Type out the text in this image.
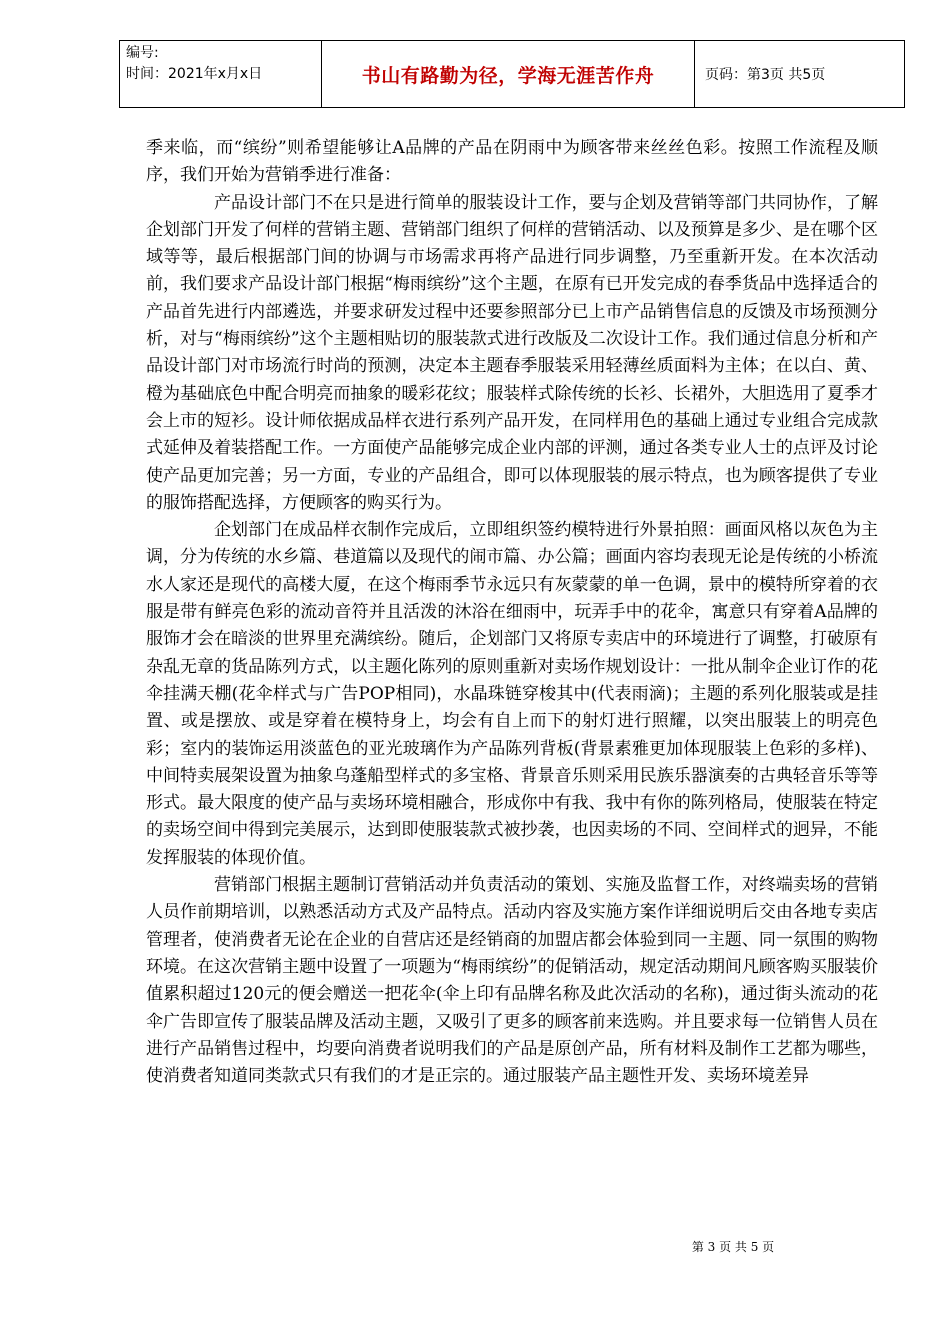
编号:
时间：2021年x月x日	书山有路勤为径，学海无涯苦作舟	页码：第3页 共5页

季来临，而“缤纷”则希望能够让A品牌的产品在阴雨中为顾客带来丝丝色彩。按照工作流程及顺序，我们开始为营销季进行准备：

产品设计部门不在只是进行简单的服装设计工作，要与企划及营销等部门共同协作，了解企划部门开发了何样的营销主题、营销部门组织了何样的营销活动、以及预算是多少、是在哪个区域等等，最后根据部门间的协调与市场需求再将产品进行同步调整，乃至重新开发。在本次活动前，我们要求产品设计部门根据“梅雨缤纷”这个主题，在原有已开发完成的春季货品中选择适合的产品首先进行内部遴选，并要求研发过程中还要参照部分已上市产品销售信息的反馈及市场预测分析，对与“梅雨缤纷”这个主题相贴切的服装款式进行改版及二次设计工作。我们通过信息分析和产品设计部门对市场流行时尚的预测，决定本主题春季服装采用轻薄丝质面料为主体；在以白、黄、橙为基础底色中配合明亮而抽象的暖彩花纹；服装样式除传统的长衫、长裙外，大胆选用了夏季才会上市的短衫。设计师依据成品样衣进行系列产品开发，在同样用色的基础上通过专业组合完成款式延伸及着装搭配工作。一方面使产品能够完成企业内部的评测，通过各类专业人士的点评及讨论使产品更加完善；另一方面，专业的产品组合，即可以体现服装的展示特点，也为顾客提供了专业的服饰搭配选择，方便顾客的购买行为。

企划部门在成品样衣制作完成后，立即组织签约模特进行外景拍照：画面风格以灰色为主调，分为传统的水乡篇、巷道篇以及现代的闹市篇、办公篇；画面内容均表现无论是传统的小桥流水人家还是现代的高楼大厦，在这个梅雨季节永远只有灰蒙蒙的单一色调，景中的模特所穿着的衣服是带有鲜亮色彩的流动音符并且活泼的沐浴在细雨中，玩弄手中的花伞，寓意只有穿着A品牌的服饰才会在暗淡的世界里充满缤纷。随后，企划部门又将原专卖店中的环境进行了调整，打破原有杂乱无章的货品陈列方式，以主题化陈列的原则重新对卖场作规划设计：一批从制伞企业订作的花伞挂满天棚(花伞样式与广告POP相同)，水晶珠链穿梭其中(代表雨滴)；主题的系列化服装或是挂置、或是摆放、或是穿着在模特身上，均会有自上而下的射灯进行照耀，以突出服装上的明亮色彩；室内的装饰运用淡蓝色的亚光玻璃作为产品陈列背板(背景素雅更加体现服装上色彩的多样)、中间特卖展架设置为抽象乌蓬船型样式的多宝格、背景音乐则采用民族乐器演奏的古典轻音乐等等形式。最大限度的使产品与卖场环境相融合，形成你中有我、我中有你的陈列格局，使服装在特定的卖场空间中得到完美展示，达到即使服装款式被抄袭，也因卖场的不同、空间样式的迥异，不能发挥服装的体现价值。

营销部门根据主题制订营销活动并负责活动的策划、实施及监督工作，对终端卖场的营销人员作前期培训，以熟悉活动方式及产品特点。活动内容及实施方案作详细说明后交由各地专卖店管理者，使消费者无论在企业的自营店还是经销商的加盟店都会体验到同一主题、同一氛围的购物环境。在这次营销主题中设置了一项题为“梅雨缤纷”的促销活动，规定活动期间凡顾客购买服装价值累积超过120元的便会赠送一把花伞(伞上印有品牌名称及此次活动的名称)，通过街头流动的花伞广告即宣传了服装品牌及活动主题，又吸引了更多的顾客前来选购。并且要求每一位销售人员在进行产品销售过程中，均要向消费者说明我们的产品是原创产品，所有材料及制作工艺都为哪些，使消费者知道同类款式只有我们的才是正宗的。通过服装产品主题性开发、卖场环境差异

第 3 页 共 5 页
